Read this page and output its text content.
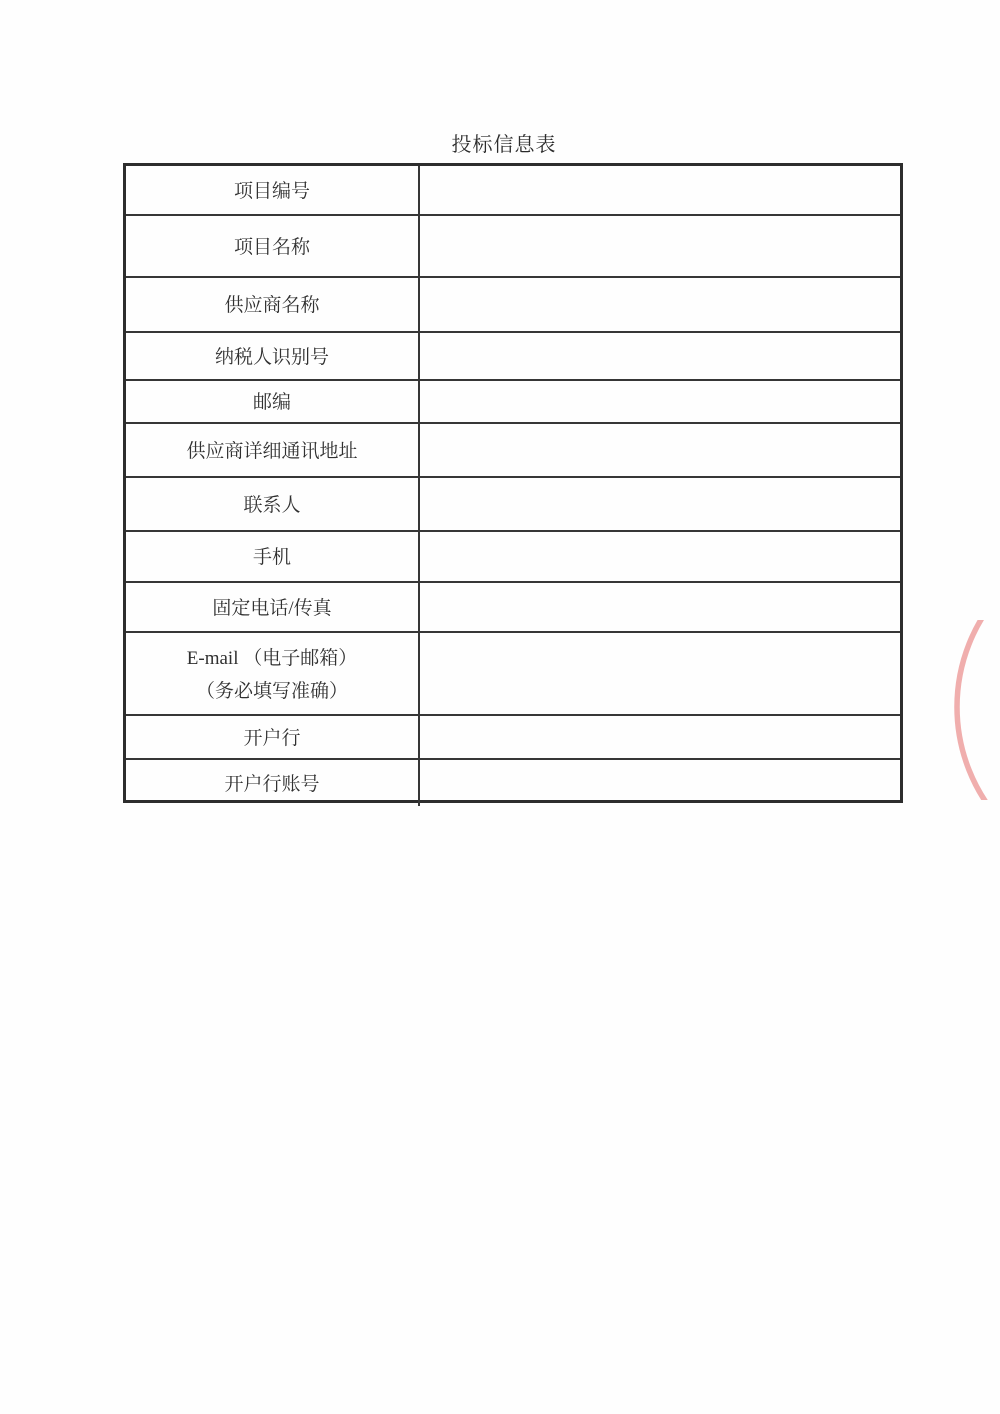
投标信息表
项目编号
项目名称
供应商名称
纳税人识别号
邮编
供应商详细通讯地址
联系人
手机
固定电话/传真
E-mail （电子邮箱）
（务必填写准确）
开户行
开户行账号
